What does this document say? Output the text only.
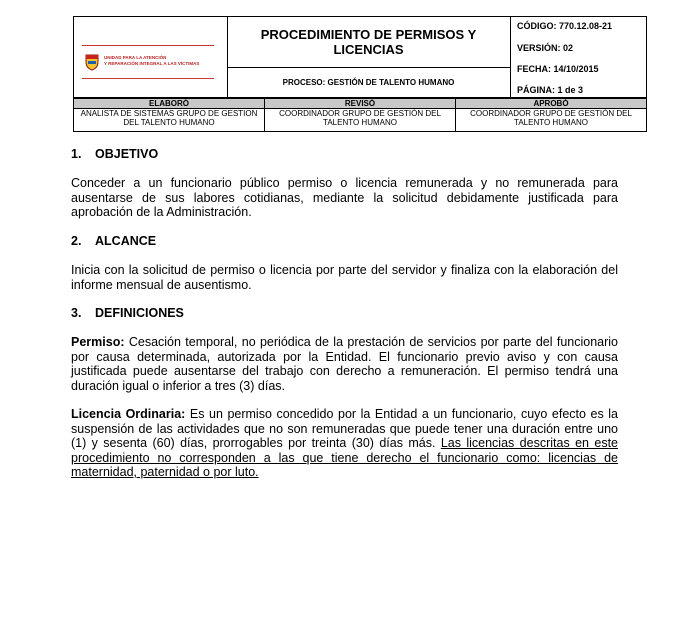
UNIDAD PARA LA ATENCIÓN
Y REPARACIÓN INTEGRAL A LAS VÍCTIMAS
PROCEDIMIENTO DE PERMISOS Y LICENCIAS
PROCESO: GESTIÓN DE TALENTO HUMANO
CÓDIGO: 770.12.08-21
VERSIÓN: 02
FECHA: 14/10/2015
PÁGINA: 1 de 3
ELABORÓ	REVISÓ	APROBÓ
ANALISTA DE SISTEMAS GRUPO DE GESTION DEL TALENTO HUMANO
COORDINADOR GRUPO DE GESTIÓN DEL TALENTO HUMANO
COORDINADOR GRUPO DE GESTIÓN DEL TALENTO HUMANO
1. OBJETIVO
Conceder a un funcionario público permiso o licencia remunerada y no remunerada para ausentarse de sus labores cotidianas, mediante la solicitud debidamente justificada para aprobación de la Administración.
2. ALCANCE
Inicia con la solicitud de permiso o licencia por parte del servidor y finaliza con la elaboración del informe mensual de ausentismo.
3. DEFINICIONES
Permiso: Cesación temporal, no periódica de la prestación de servicios por parte del funcionario por causa determinada, autorizada por la Entidad. El funcionario previo aviso y con causa justificada puede ausentarse del trabajo con derecho a remuneración. El permiso tendrá una duración igual o inferior a tres (3) días.
Licencia Ordinaria: Es un permiso concedido por la Entidad a un funcionario, cuyo efecto es la suspensión de las actividades que no son remuneradas que puede tener una duración entre uno (1) y sesenta (60) días, prorrogables por treinta (30) días más. Las licencias descritas en este procedimiento no corresponden a las que tiene derecho el funcionario como: licencias de maternidad, paternidad o por luto.
